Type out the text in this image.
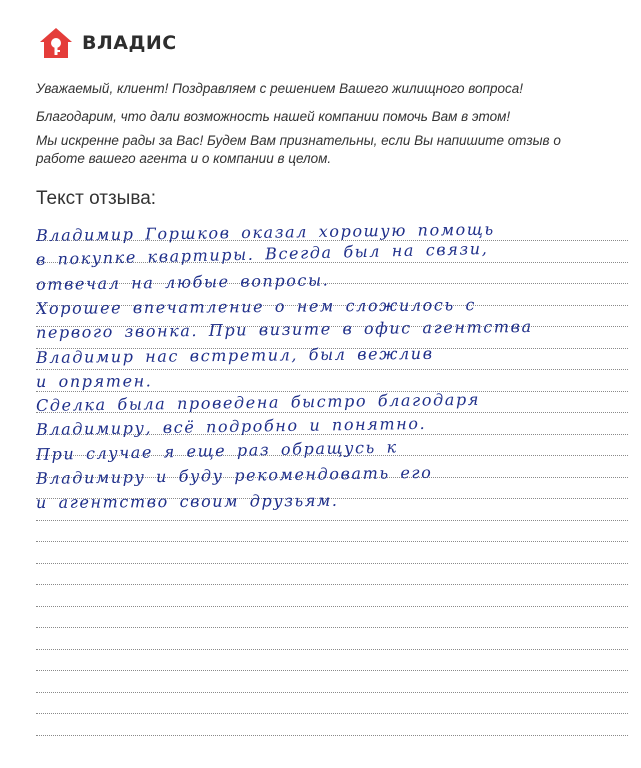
ВЛАДИС

Уважаемый, клиент! Поздравляем с решением Вашего жилищного вопроса!

Благодарим, что дали возможность нашей компании помочь Вам в этом!

Мы искренне рады за Вас! Будем Вам признательны, если Вы напишите отзыв о работе вашего агента и о компании в целом.

Текст отзыва:
Владимир Горшков оказал хорошую помощь
в покупке квартиры. Всегда был на связи,
отвечал на любые вопросы.
Хорошее впечатление о нем сложилось с
первого звонка. При визите в офис агентства
Владимир нас встретил, был вежлив
и опрятен.
Сделка была проведена быстро благодаря
Владимиру, всё подробно и понятно.
При случае я еще раз обращусь к
Владимиру и буду рекомендовать его
и агентство своим друзьям.
